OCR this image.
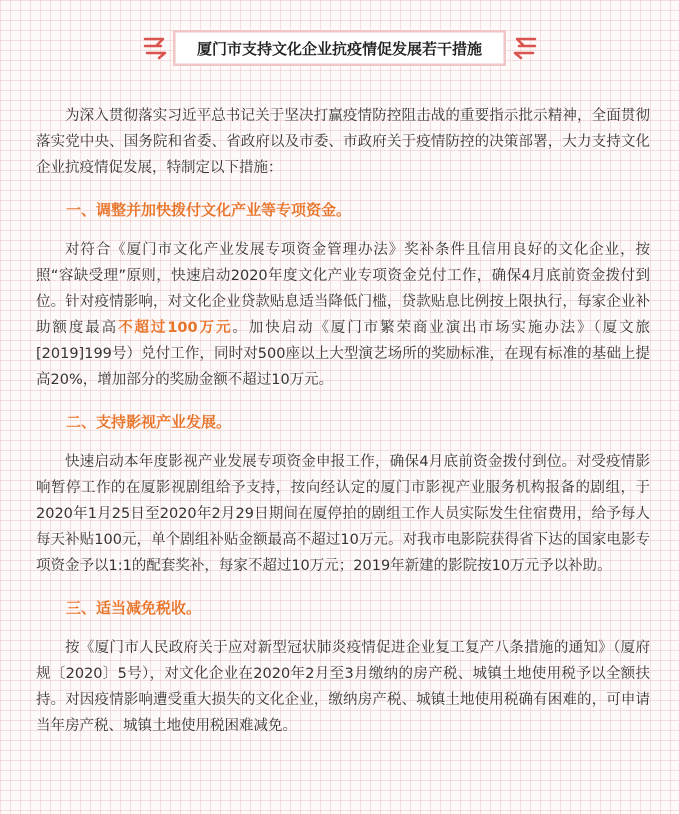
厦门市支持文化企业抗疫情促发展若干措施

为深入贯彻落实习近平总书记关于坚决打赢疫情防控阻击战的重要指示批示精神，全面贯彻落实党中央、国务院和省委、省政府以及市委、市政府关于疫情防控的决策部署，大力支持文化企业抗疫情促发展，特制定以下措施：

一、调整并加快拨付文化产业等专项资金。

对符合《厦门市文化产业发展专项资金管理办法》奖补条件且信用良好的文化企业，按照“容缺受理”原则，快速启动2020年度文化产业专项资金兑付工作，确保4月底前资金拨付到位。针对疫情影响，对文化企业贷款贴息适当降低门槛，贷款贴息比例按上限执行，每家企业补助额度最高不超过100万元。加快启动《厦门市繁荣商业演出市场实施办法》（厦文旅[2019]199号）兑付工作，同时对500座以上大型演艺场所的奖励标准，在现有标准的基础上提高20%，增加部分的奖励金额不超过10万元。

二、支持影视产业发展。

快速启动本年度影视产业发展专项资金申报工作，确保4月底前资金拨付到位。对受疫情影响暂停工作的在厦影视剧组给予支持，按向经认定的厦门市影视产业服务机构报备的剧组，于2020年1月25日至2020年2月29日期间在厦停拍的剧组工作人员实际发生住宿费用，给予每人每天补贴100元，单个剧组补贴金额最高不超过10万元。对我市电影院获得省下达的国家电影专项资金予以1:1的配套奖补，每家不超过10万元；2019年新建的影院按10万元予以补助。

三、适当减免税收。

按《厦门市人民政府关于应对新型冠状肺炎疫情促进企业复工复产八条措施的通知》（厦府规〔2020〕5号），对文化企业在2020年2月至3月缴纳的房产税、城镇土地使用税予以全额扶持。对因疫情影响遭受重大损失的文化企业，缴纳房产税、城镇土地使用税确有困难的，可申请当年房产税、城镇土地使用税困难减免。
